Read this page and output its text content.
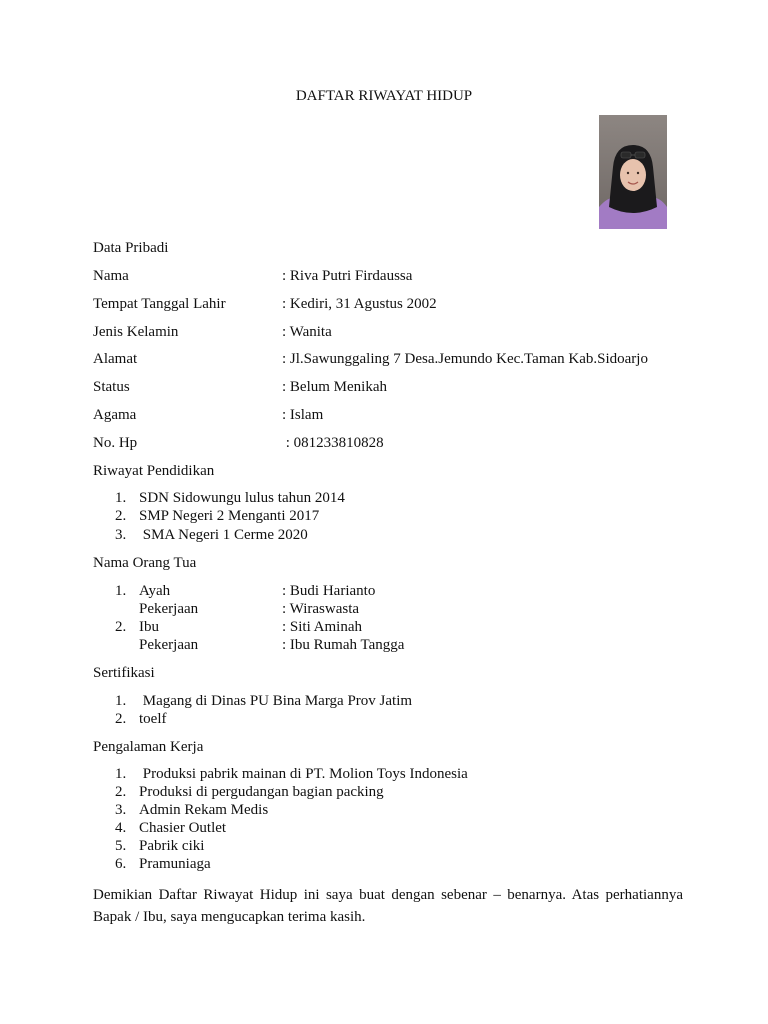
DAFTAR RIWAYAT HIDUP
Data Pribadi
Nama	: Riva Putri Firdaussa
Tempat Tanggal Lahir	: Kediri, 31 Agustus 2002
Jenis Kelamin	: Wanita
Alamat	: Jl.Sawunggaling 7 Desa.Jemundo Kec.Taman Kab.Sidoarjo
Status	: Belum Menikah
Agama	: Islam
No. Hp	: 081233810828
Riwayat Pendidikan
1. SDN Sidowungu lulus tahun 2014
2. SMP Negeri 2 Menganti 2017
3. SMA Negeri 1 Cerme 2020
Nama Orang Tua
1. Ayah	: Budi Harianto
Pekerjaan	: Wiraswasta
2. Ibu	: Siti Aminah
Pekerjaan	: Ibu Rumah Tangga
Sertifikasi
1. Magang di Dinas PU Bina Marga Prov Jatim
2. toelf
Pengalaman Kerja
1. Produksi pabrik mainan di PT. Molion Toys Indonesia
2. Produksi di pergudangan bagian packing
3. Admin Rekam Medis
4. Chasier Outlet
5. Pabrik ciki
6. Pramuniaga
Demikian Daftar Riwayat Hidup ini saya buat dengan sebenar – benarnya. Atas perhatiannya Bapak / Ibu, saya mengucapkan terima kasih.
